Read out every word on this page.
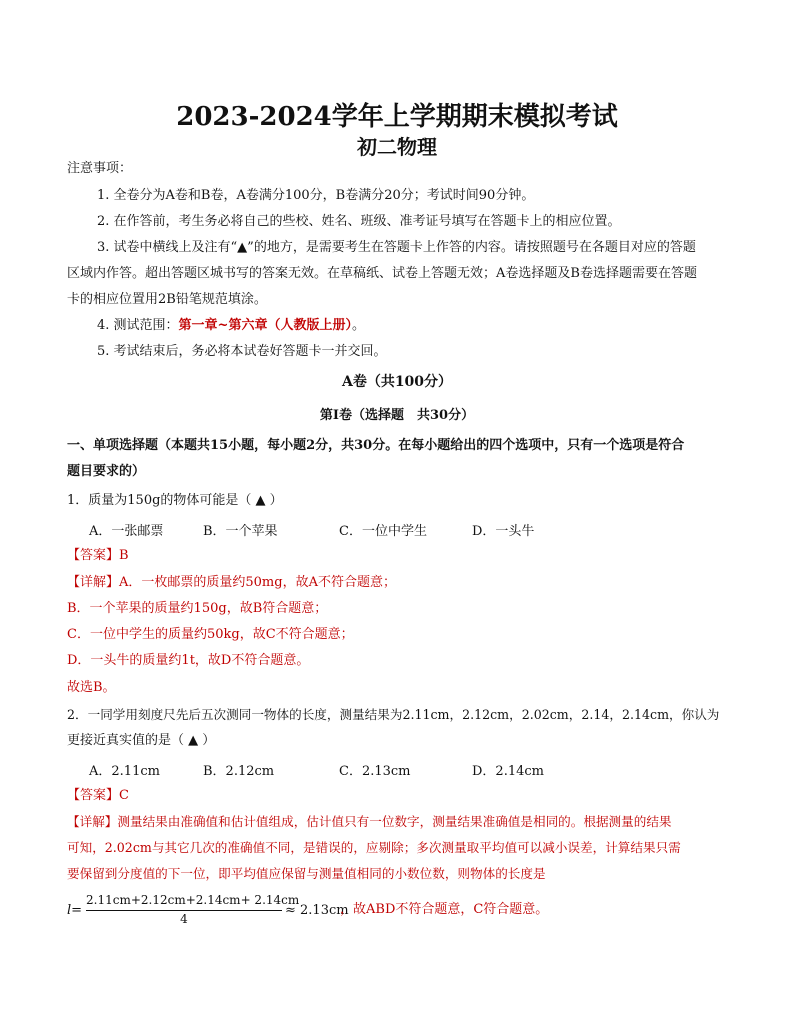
2023-2024学年上学期期末模拟考试
初二物理
注意事项：
1. 全卷分为A卷和B卷，A卷满分100分，B卷满分20分；考试时间90分钟。
2. 在作答前，考生务必将自己的些校、姓名、班级、准考证号填写在答题卡上的相应位置。
3. 试卷中横线上及注有“▲”的地方，是需要考生在答题卡上作答的内容。请按照题号在各题目对应的答题
区域内作答。超出答题区城书写的答案无效。在草稿纸、试卷上答题无效；A卷选择题及B卷选择题需要在答题
卡的相应位置用2B铅笔规范填涂。
4. 测试范围：第一章~第六章（人教版上册）。
5. 考试结束后，务必将本试卷好答题卡一并交回。
A卷（共100分）
第Ⅰ卷（选择题　共30分）
一、单项选择题（本题共15小题，每小题2分，共30分。在每小题给出的四个选项中，只有一个选项是符合
题目要求的）
1．质量为150g的物体可能是（ ▲ ）
A．一张邮票	B．一个苹果	C．一位中学生	D．一头牛
【答案】B
【详解】A．一枚邮票的质量约50mg，故A不符合题意；
B．一个苹果的质量约150g，故B符合题意；
C．一位中学生的质量约50kg，故C不符合题意；
D．一头牛的质量约1t，故D不符合题意。
故选B。
2．一同学用刻度尺先后五次测同一物体的长度，测量结果为2.11cm，2.12cm，2.02cm，2.14，2.14cm，你认为
更接近真实值的是（ ▲ ）
A．2.11cm	B．2.12cm	C．2.13cm	D．2.14cm
【答案】C
【详解】测量结果由准确值和估计值组成，估计值只有一位数字，测量结果准确值是相同的。根据测量的结果
可知，2.02cm与其它几次的准确值不同，是错误的，应剔除；多次测量取平均值可以减小误差，计算结果只需
要保留到分度值的下一位，即平均值应保留与测量值相同的小数位数，则物体的长度是
l=
2.11cm+2.12cm+2.14cm+ 2.14cm
4
≈ 2.13cm
，故ABD不符合题意，C符合题意。
